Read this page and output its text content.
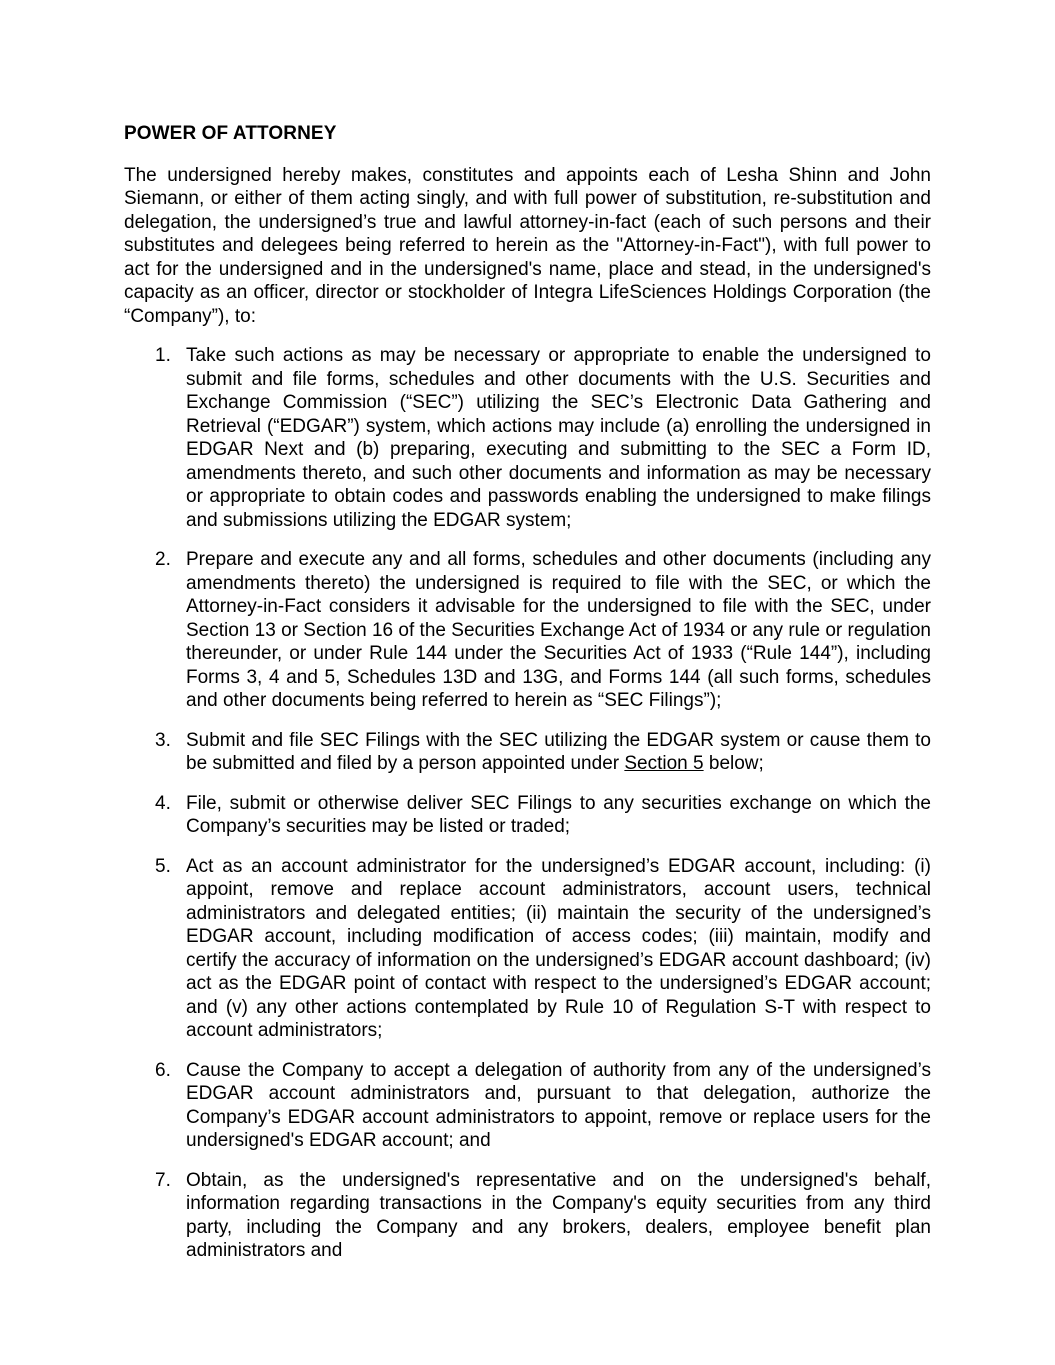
POWER OF ATTORNEY

The undersigned hereby makes, constitutes and appoints each of Lesha Shinn and John Siemann, or either of them acting singly, and with full power of substitution, re-substitution and delegation, the undersigned’s true and lawful attorney-in-fact (each of such persons and their substitutes and delegees being referred to herein as the "Attorney-in-Fact"), with full power to act for the undersigned and in the undersigned's name, place and stead, in the undersigned's capacity as an officer, director or stockholder of Integra LifeSciences Holdings Corporation (the “Company”), to:

1. Take such actions as may be necessary or appropriate to enable the undersigned to submit and file forms, schedules and other documents with the U.S. Securities and Exchange Commission (“SEC”) utilizing the SEC’s Electronic Data Gathering and Retrieval (“EDGAR”) system, which actions may include (a) enrolling the undersigned in EDGAR Next and (b) preparing, executing and submitting to the SEC a Form ID, amendments thereto, and such other documents and information as may be necessary or appropriate to obtain codes and passwords enabling the undersigned to make filings and submissions utilizing the EDGAR system;
2. Prepare and execute any and all forms, schedules and other documents (including any amendments thereto) the undersigned is required to file with the SEC, or which the Attorney-in-Fact considers it advisable for the undersigned to file with the SEC, under Section 13 or Section 16 of the Securities Exchange Act of 1934 or any rule or regulation thereunder, or under Rule 144 under the Securities Act of 1933 (“Rule 144”), including Forms 3, 4 and 5, Schedules 13D and 13G, and Forms 144 (all such forms, schedules and other documents being referred to herein as “SEC Filings”);
3. Submit and file SEC Filings with the SEC utilizing the EDGAR system or cause them to be submitted and filed by a person appointed under Section 5 below;
4. File, submit or otherwise deliver SEC Filings to any securities exchange on which the Company’s securities may be listed or traded;
5. Act as an account administrator for the undersigned’s EDGAR account, including: (i) appoint, remove and replace account administrators, account users, technical administrators and delegated entities; (ii) maintain the security of the undersigned’s EDGAR account, including modification of access codes; (iii) maintain, modify and certify the accuracy of information on the undersigned’s EDGAR account dashboard; (iv) act as the EDGAR point of contact with respect to the undersigned’s EDGAR account; and (v) any other actions contemplated by Rule 10 of Regulation S-T with respect to account administrators;
6. Cause the Company to accept a delegation of authority from any of the undersigned’s EDGAR account administrators and, pursuant to that delegation, authorize the Company’s EDGAR account administrators to appoint, remove or replace users for the undersigned's EDGAR account; and
7. Obtain, as the undersigned's representative and on the undersigned's behalf, information regarding transactions in the Company's equity securities from any third party, including the Company and any brokers, dealers, employee benefit plan administrators and
